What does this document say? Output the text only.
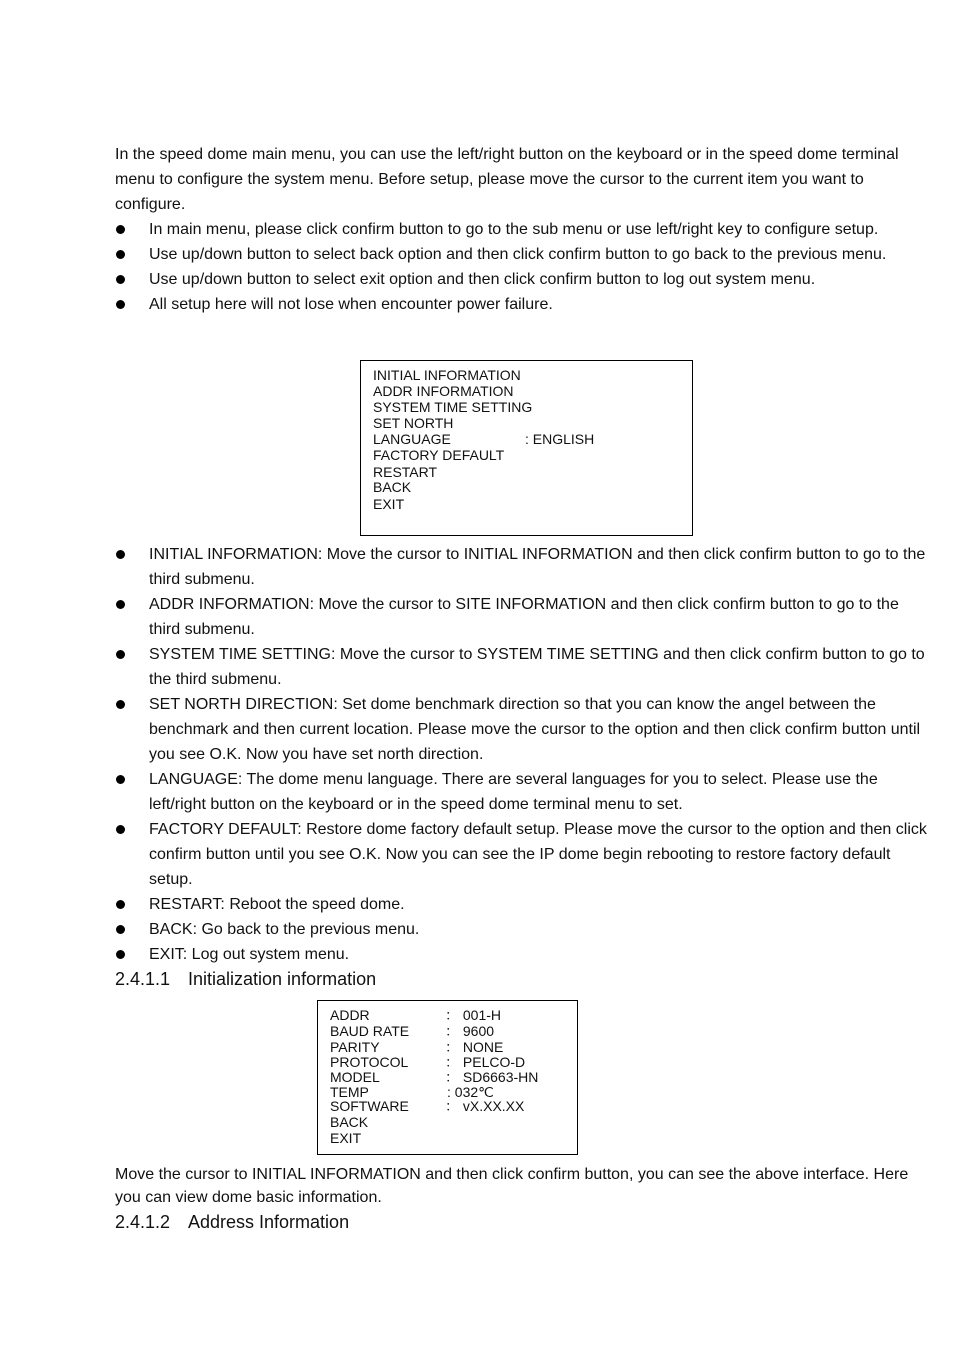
In the speed dome main menu, you can use the left/right button on the keyboard or in the speed dome terminal menu to configure the system menu. Before setup, please move the cursor to the current item you want to configure.
In main menu, please click confirm button to go to the sub menu or use left/right key to configure setup.
Use up/down button to select back option and then click confirm button to go back to the previous menu.
Use up/down button to select exit option and then click confirm button to log out system menu.
All setup here will not lose when encounter power failure.
INITIAL INFORMATION
ADDR INFORMATION
SYSTEM TIME SETTING
SET NORTH
LANGUAGE	: ENGLISH
FACTORY DEFAULT
RESTART
BACK
EXIT
INITIAL INFORMATION: Move the cursor to INITIAL INFORMATION and then click confirm button to go to the third submenu.
ADDR INFORMATION: Move the cursor to SITE INFORMATION and then click confirm button to go to the third submenu.
SYSTEM TIME SETTING: Move the cursor to SYSTEM TIME SETTING and then click confirm button to go to the third submenu.
SET NORTH DIRECTION: Set dome benchmark direction so that you can know the angel between the benchmark and then current location. Please move the cursor to the option and then click confirm button until you see O.K. Now you have set north direction.
LANGUAGE: The dome menu language. There are several languages for you to select. Please use the left/right button on the keyboard or in the speed dome terminal menu to set.
FACTORY DEFAULT: Restore dome factory default setup. Please move the cursor to the option and then click confirm button until you see O.K. Now you can see the IP dome begin rebooting to restore factory default setup.
RESTART: Reboot the speed dome.
BACK: Go back to the previous menu.
EXIT: Log out system menu.
2.4.1.1 Initialization information
ADDR	： 001-H
BAUD RATE	： 9600
PARITY	： NONE
PROTOCOL	： PELCO-D
MODEL	： SD6663-HN
TEMP	: 032℃
SOFTWARE	： vX.XX.XX
BACK
EXIT
Move the cursor to INITIAL INFORMATION and then click confirm button, you can see the above interface. Here you can view dome basic information.
2.4.1.2 Address Information
